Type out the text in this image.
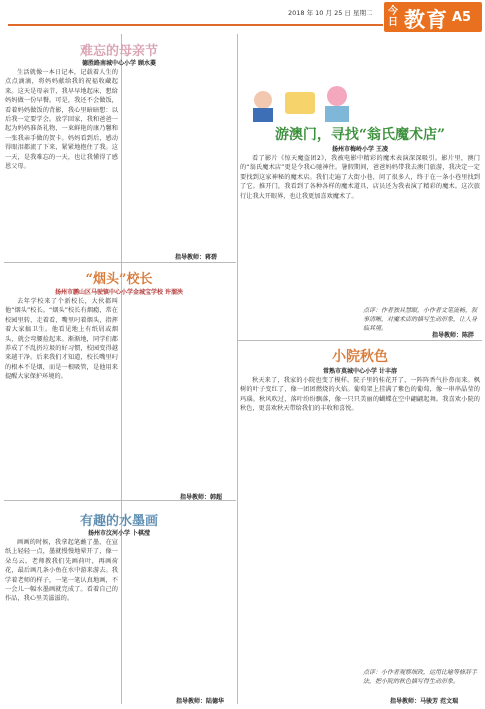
2018 年 10 月 25 日 星期二 今日 教育 A5
难忘的母亲节
德胜路南城中心小学 顾水菱
生活就像一本日记本，记载着人生的点点滴滴，将妈妈献给我的祝福收藏起来。这天是母亲节，我早早地起床，想给妈妈做一份早餐。可是，我还不会做饭，看着妈妈做饭的背影，我心里暗暗想：以后我一定要学会。放学回家，我和爸爸一起为妈妈准备礼物，一束鲜艳的康乃馨和一张我亲手做的贺卡。妈妈看到后，感动得眼泪都流了下来，紧紧地抱住了我。这一天，是我难忘的一天，也让我懂得了感恩父母。
指导教师：蒋碧
“烟头”校长
扬州市鹏山区马驶镇中心小学金城宝学校 许溜泱
去年学校来了个新校长，大伙都叫他“烟头”校长。“烟头”校长有烟瘾，常在校园里转，走着看，嘴里叼着烟头，指挥着大家搞卫生。他看见地上有纸屑或烟头，就会弯腰捡起来。渐渐地，同学们都养成了不乱扔垃圾的好习惯，校园变得越来越干净。后来我们才知道，校长嘴里叼的根本不是烟，而是一根吸管，是他用来提醒大家保护环境的。
指导教师：韩超
有趣的水墨画
扬州市汶河小学 卜棋滢
画画的时候，我拿起笔蘸了墨，在宣纸上轻轻一点，墨就慢慢地晕开了，像一朵乌云。老师教我们先画荷叶，再画荷花，最后画几条小鱼在水中游来游去。我学着老师的样子，一笔一笔认真地画，不一会儿一幅水墨画就完成了。看着自己的作品，我心里美滋滋的。
指导教师：陆德华
游澳门，寻找“翁氏魔术店”
扬州市梅岭小学 王凌
看了影片《惊天魔盗团2》，我被电影中精彩的魔术表演深深吸引。影片里，澳门的“翁氏魔术店”更是令我心驰神往。暑假期间，爸爸妈妈带我去澳门旅游，我决定一定要找到这家神秘的魔术店。我们走遍了大街小巷，问了很多人，终于在一条小巷里找到了它。推开门，我看到了各种各样的魔术道具，店员还为我表演了精彩的魔术。这次旅行让我大开眼界，也让我更加喜欢魔术了。
点评：作者独具慧眼，小作者文笔流畅，叙事清晰，对魔术店的描写生动形象，让人身临其境。
指导教师：陈胖
小院秋色
常熟市莫城中心小学 计丰溶
秋天来了，我家的小院也变了模样。院子里的桂花开了，一阵阵香气扑鼻而来。枫树的叶子变红了，像一团团燃烧的火焰。葡萄架上挂满了紫色的葡萄，像一串串晶莹的玛瑙。秋风吹过，落叶纷纷飘落，像一只只美丽的蝴蝶在空中翩翩起舞。我喜欢小院的秋色，更喜欢秋天带给我们的丰收和喜悦。
点评：小作者观察细致，运用比喻等修辞手法，把小院的秋色描写得生动形象。
指导教师：马骏芳 范文瑞
